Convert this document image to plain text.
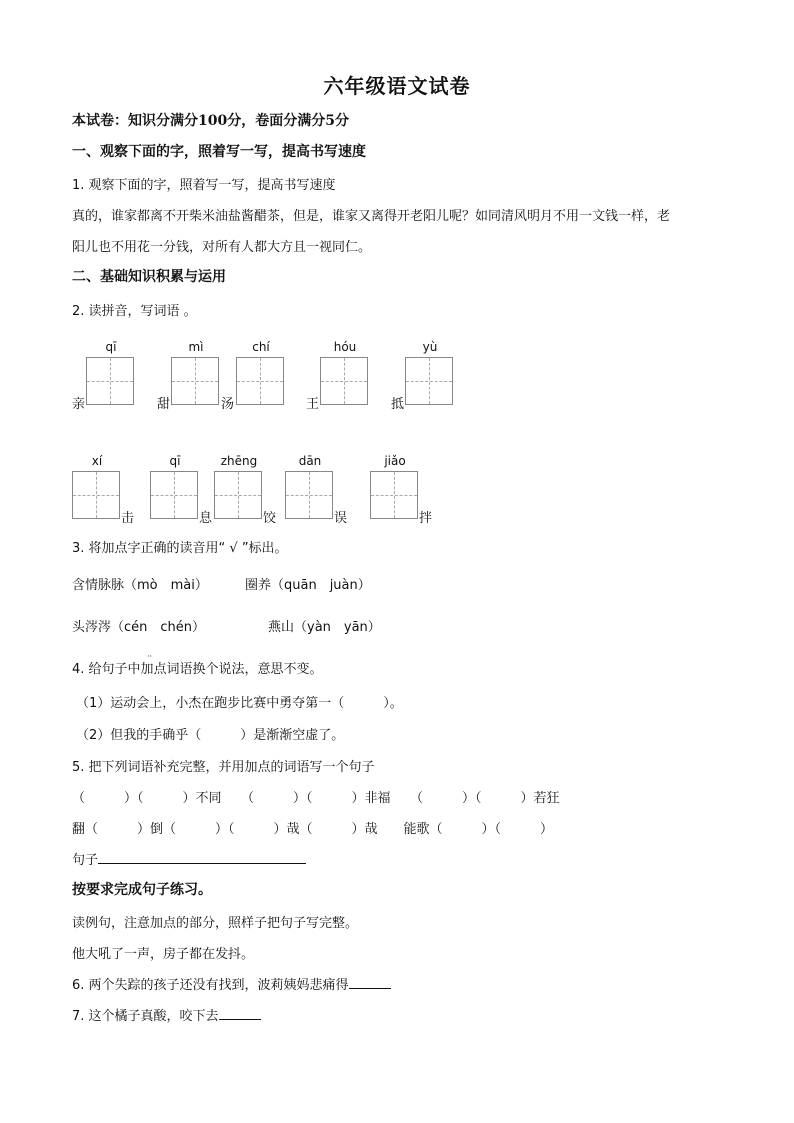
六年级语文试卷
本试卷：知识分满分100分，卷面分满分5分
一、观察下面的字，照着写一写，提高书写速度
1. 观察下面的字，照着写一写，提高书写速度
真的，谁家都离不开柴米油盐酱醋茶，但是，谁家又离得开老阳儿呢？如同清风明月不用一文钱一样，老
阳儿也不用花一分钱，对所有人都大方且一视同仁。
二、基础知识积累与运用
2. 读拼音，写词语 。
qī
亲
mì
甜
chí
汤
hóu
王
yù
抵
xí
击
qī
息
zhēng
饺
dān
误
jiǎo
拌
3. 将加点字正确的读音用“ √ ”标出。
含情脉脉（mò　mài）	圈养（quān　juàn）
头涔涔（cén　chén）	燕山（yàn　yān）
4. 给句子中加点词语换个说法，意思不变。
··
（1）运动会上，小杰在跑步比赛中勇夺第一（　　　）。
（2）但我的手确乎（　　　）是渐渐空虚了。
5. 把下列词语补充完整，并用加点的词语写一个句子
（　　　）（　　　）不同　　（　　　）（　　　）非福　　（　　　）（　　　）若狂
翻（　　　）倒（　　　）（　　　）哉（　　　）哉　　能歌（　　　）（　　　）
句子
按要求完成句子练习。
读例句，注意加点的部分，照样子把句子写完整。
他大吼了一声，房子都在发抖。
6. 两个失踪的孩子还没有找到，波莉姨妈悲痛得
7. 这个橘子真酸，咬下去
